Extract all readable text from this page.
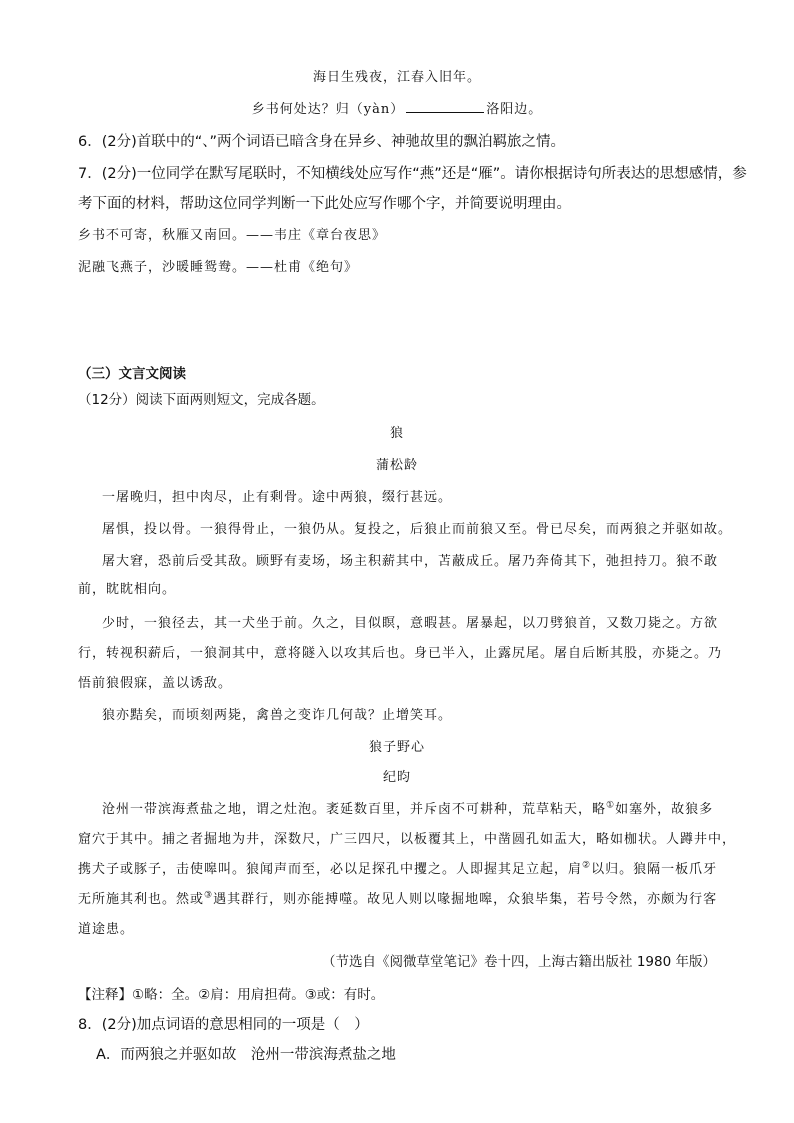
海日生残夜，江春入旧年。
乡书何处达？归（yàn）	洛阳边。
6．(2分)首联中的“、”两个词语已暗含身在异乡、神驰故里的飘泊羁旅之情。
7．(2分)一位同学在默写尾联时，不知横线处应写作“燕”还是“雁”。请你根据诗句所表达的思想感情，参
考下面的材料，帮助这位同学判断一下此处应写作哪个字，并简要说明理由。
乡书不可寄，秋雁又南回。——韦庄《章台夜思》
泥融飞燕子，沙暖睡鸳鸯。——杜甫《绝句》
（三）文言文阅读
（12分）阅读下面两则短文，完成各题。
狼
蒲松龄
一屠晚归，担中肉尽，止有剩骨。途中两狼，缀行甚远。
屠惧，投以骨。一狼得骨止，一狼仍从。复投之，后狼止而前狼又至。骨已尽矣，而两狼之并驱如故。
屠大窘，恐前后受其敌。顾野有麦场，场主积薪其中，苫蔽成丘。屠乃奔倚其下，弛担持刀。狼不敢
前，眈眈相向。
少时，一狼径去，其一犬坐于前。久之，目似瞑，意暇甚。屠暴起，以刀劈狼首，又数刀毙之。方欲
行，转视积薪后，一狼洞其中，意将隧入以攻其后也。身已半入，止露尻尾。屠自后断其股，亦毙之。乃
悟前狼假寐，盖以诱敌。
狼亦黠矣，而顷刻两毙，禽兽之变诈几何哉？止增笑耳。
狼子野心
纪昀
沧州一带滨海煮盐之地，谓之灶泡。袤延数百里，并斥卤不可耕种，荒草粘天，略①如塞外，故狼多
窟穴于其中。捕之者掘地为井，深数尺，广三四尺，以板覆其上，中凿圆孔如盂大，略如枷状。人蹲井中，
携犬子或豚子，击使嗥叫。狼闻声而至，必以足探孔中攫之。人即握其足立起，肩②以归。狼隔一板爪牙
无所施其利也。然或③遇其群行，则亦能搏噬。故见人则以喙掘地嗥，众狼毕集，若号令然，亦颇为行客
道途患。
（节选自《阅微草堂笔记》卷十四，上海古籍出版社 1980 年版）
【注释】①略：全。②肩：用肩担荷。③或：有时。
8．(2分)加点词语的意思相同的一项是（　）
A．而两狼之并驱如故　沧州一带滨海煮盐之地
